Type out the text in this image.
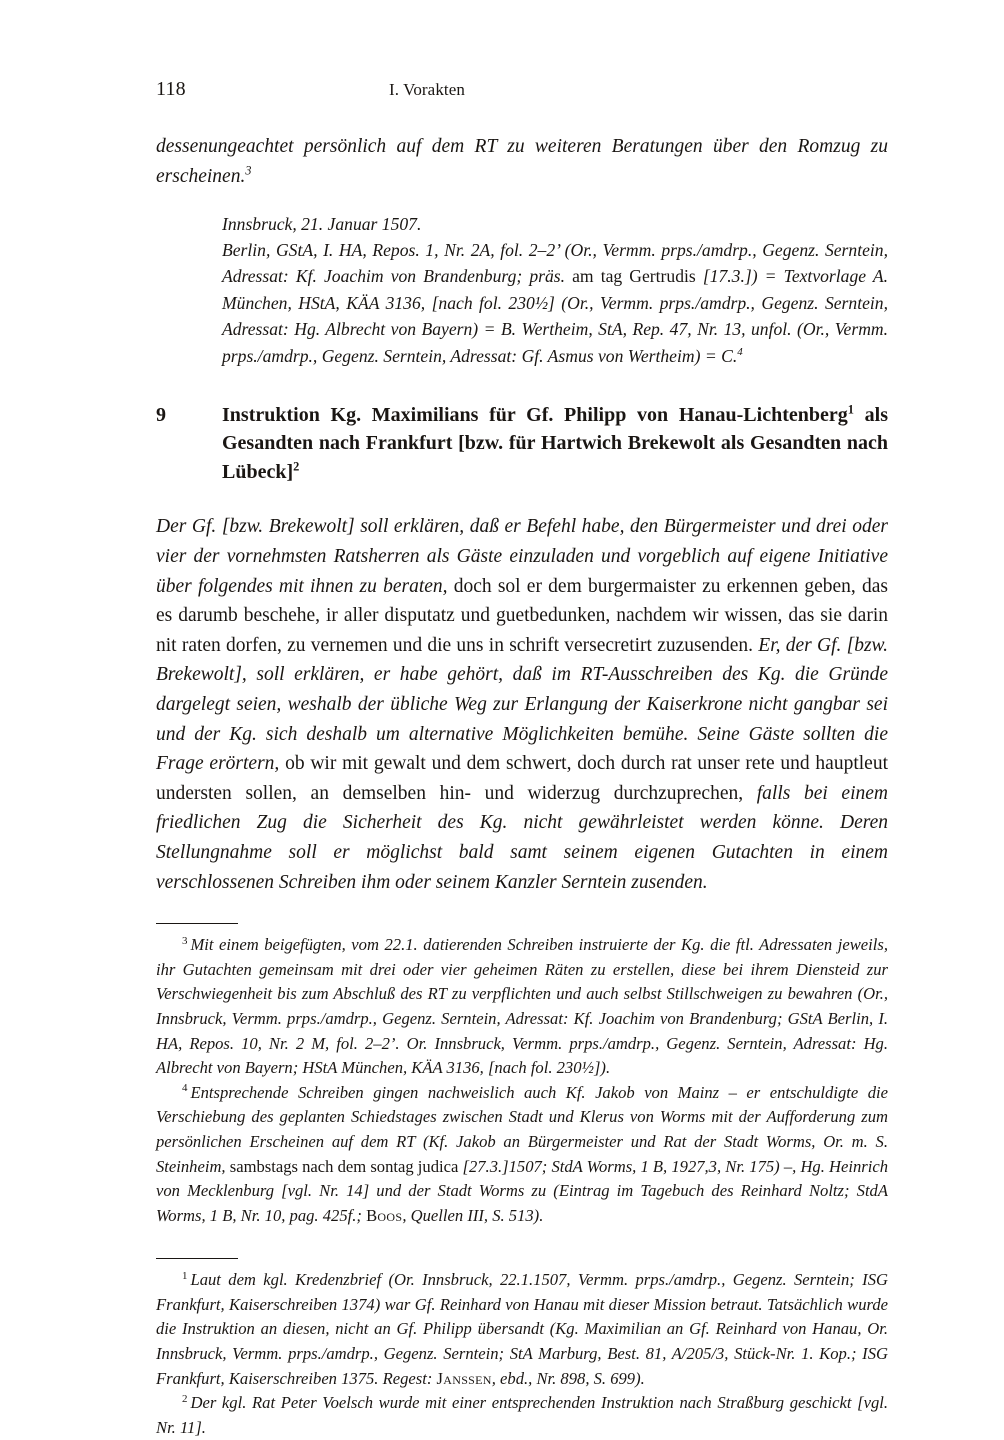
118	I. Vorakten

dessenungeachtet persönlich auf dem RT zu weiteren Beratungen über den Romzug zu erscheinen.$^3$

Innsbruck, 21. Januar 1507.
Berlin, GStA, I. HA, Repos. 1, Nr. 2A, fol. 2–2’ (Or., Vermm. prps./amdrp., Gegenz. Serntein, Adressat: Kf. Joachim von Brandenburg; präs. am tag Gertrudis [17.3.]) = Textvorlage A. München, HStA, KÄA 3136, [nach fol. 230½] (Or., Vermm. prps./amdrp., Gegenz. Serntein, Adressat: Hg. Albrecht von Bayern) = B. Wertheim, StA, Rep. 47, Nr. 13, unfol. (Or., Vermm. prps./amdrp., Gegenz. Serntein, Adressat: Gf. Asmus von Wertheim) = C.$^4$
9	Instruktion Kg. Maximilians für Gf. Philipp von Hanau-Lichtenberg$^1$ als Gesandten nach Frankfurt [bzw. für Hartwich Brekewolt als Gesandten nach Lübeck]$^2$
Der Gf. [bzw. Brekewolt] soll erklären, daß er Befehl habe, den Bürgermeister und drei oder vier der vornehmsten Ratsherren als Gäste einzuladen und vorgeblich auf eigene Initiative über folgendes mit ihnen zu beraten, doch sol er dem burgermaister zu erkennen geben, das es darumb beschehe, ir aller disputatz und guetbedunken, nachdem wir wissen, das sie darin nit raten dorfen, zu vernemen und die uns in schrift versecretirt zuzusenden. Er, der Gf. [bzw. Brekewolt], soll erklären, er habe gehört, daß im RT-Ausschreiben des Kg. die Gründe dargelegt seien, weshalb der übliche Weg zur Erlangung der Kaiserkrone nicht gangbar sei und der Kg. sich deshalb um alternative Möglichkeiten bemühe. Seine Gäste sollten die Frage erörtern, ob wir mit gewalt und dem schwert, doch durch rat unser rete und hauptleut understen sollen, an demselben hin- und widerzug durchzuprechen, falls bei einem friedlichen Zug die Sicherheit des Kg. nicht gewährleistet werden könne. Deren Stellungnahme soll er möglichst bald samt seinem eigenen Gutachten in einem verschlossenen Schreiben ihm oder seinem Kanzler Serntein zusenden.

$^3$ Mit einem beigefügten, vom 22.1. datierenden Schreiben instruierte der Kg. die ftl. Adressaten jeweils, ihr Gutachten gemeinsam mit drei oder vier geheimen Räten zu erstellen, diese bei ihrem Diensteid zur Verschwiegenheit bis zum Abschluß des RT zu verpflichten und auch selbst Stillschweigen zu bewahren (Or., Innsbruck, Vermm. prps./amdrp., Gegenz. Serntein, Adressat: Kf. Joachim von Brandenburg; GStA Berlin, I. HA, Repos. 10, Nr. 2 M, fol. 2–2’. Or. Innsbruck, Vermm. prps./amdrp., Gegenz. Serntein, Adressat: Hg. Albrecht von Bayern; HStA München, KÄA 3136, [nach fol. 230½]).

$^4$ Entsprechende Schreiben gingen nachweislich auch Kf. Jakob von Mainz – er entschuldigte die Verschiebung des geplanten Schiedstages zwischen Stadt und Klerus von Worms mit der Aufforderung zum persönlichen Erscheinen auf dem RT (Kf. Jakob an Bürgermeister und Rat der Stadt Worms, Or. m. S. Steinheim, sambstags nach dem sontag judica [27.3.]1507; StdA Worms, 1 B, 1927,3, Nr. 175) –, Hg. Heinrich von Mecklenburg [vgl. Nr. 14] und der Stadt Worms zu (Eintrag im Tagebuch des Reinhard Noltz; StdA Worms, 1 B, Nr. 10, pag. 425f.; Boos, Quellen III, S. 513).

$^1$ Laut dem kgl. Kredenzbrief (Or. Innsbruck, 22.1.1507, Vermm. prps./amdrp., Gegenz. Serntein; ISG Frankfurt, Kaiserschreiben 1374) war Gf. Reinhard von Hanau mit dieser Mission betraut. Tatsächlich wurde die Instruktion an diesen, nicht an Gf. Philipp übersandt (Kg. Maximilian an Gf. Reinhard von Hanau, Or. Innsbruck, Vermm. prps./amdrp., Gegenz. Serntein; StA Marburg, Best. 81, A/205/3, Stück-Nr. 1. Kop.; ISG Frankfurt, Kaiserschreiben 1375. Regest: Janssen, ebd., Nr. 898, S. 699).

$^2$ Der kgl. Rat Peter Voelsch wurde mit einer entsprechenden Instruktion nach Straßburg geschickt [vgl. Nr. 11].
